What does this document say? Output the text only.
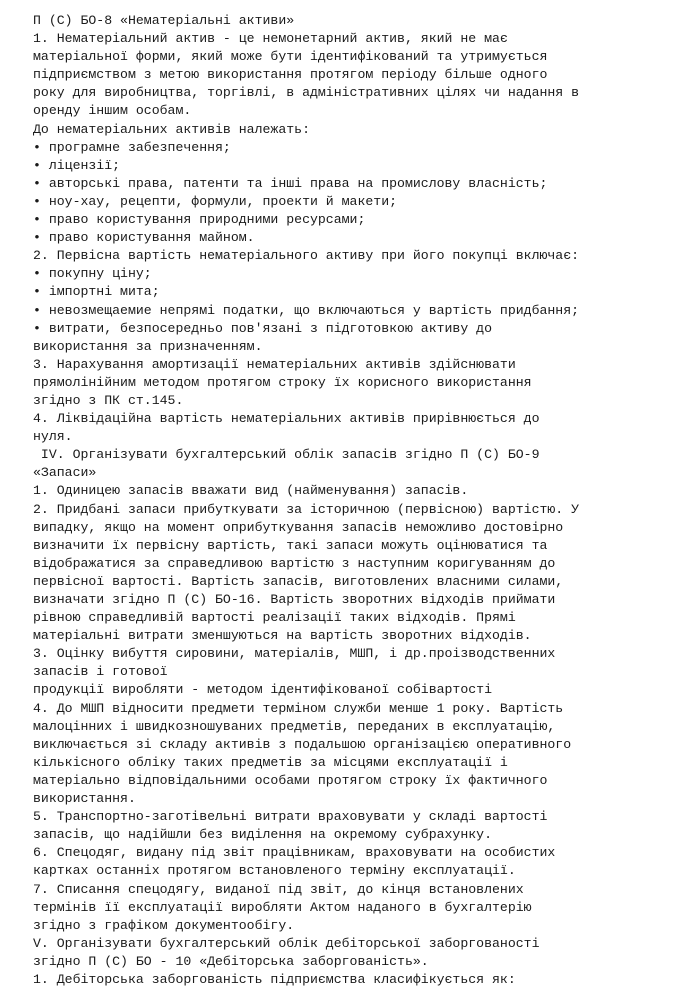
П (С) БО-8 «Нематеріальні активи»
1. Нематеріальний актив - це немонетарний актив, який не має
матеріальної форми, який може бути ідентифікований та утримується
підприємством з метою використання протягом періоду більше одного
року для виробництва, торгівлі, в адміністративних цілях чи надання в
оренду іншим особам.
До нематеріальних активів належать:
• програмне забезпечення;
• ліцензії;
• авторські права, патенти та інші права на промислову власність;
• ноу-хау, рецепти, формули, проекти й макети;
• право користування природними ресурсами;
• право користування майном.
2. Первісна вартість нематеріального активу при його покупці включає:
• покупну ціну;
• імпортні мита;
• невозмещаемие непрямі податки, що включаються у вартість придбання;
• витрати, безпосередньо пов'язані з підготовкою активу до
використання за призначенням.
3. Нарахування амортизації нематеріальних активів здійснювати
прямолінійним методом протягом строку їх корисного використання
згідно з ПК ст.145.
4. Ліквідаційна вартість нематеріальних активів прирівнюється до
нуля.
IV. Організувати бухгалтерський облік запасів згідно П (С) БО-9
«Запаси»
1. Одиницею запасів вважати вид (найменування) запасів.
2. Придбані запаси прибуткувати за історичною (первісною) вартістю. У
випадку, якщо на момент оприбуткування запасів неможливо достовірно
визначити їх первісну вартість, такі запаси можуть оцінюватися та
відображатися за справедливою вартістю з наступним коригуванням до
первісної вартості. Вартість запасів, виготовлених власними силами,
визначати згідно П (С) БО-16. Вартість зворотних відходів приймати
рівною справедливій вартості реалізації таких відходів. Прямі
матеріальні витрати зменшуються на вартість зворотних відходів.
3. Оцінку вибуття сировини, матеріалів, МШП, і др.проізводственних
запасів і готової
продукції виробляти - методом ідентифікованої собівартості
4. До МШП відносити предмети терміном служби менше 1 року. Вартість
малоцінних і швидкозношуваних предметів, переданих в експлуатацію,
виключається зі складу активів з подальшою організацією оперативного
кількісного обліку таких предметів за місцями експлуатації і
матеріально відповідальними особами протягом строку їх фактичного
використання.
5. Транспортно-заготівельні витрати враховувати у складі вартості
запасів, що надійшли без виділення на окремому субрахунку.
6. Спецодяг, видану під звіт працівникам, враховувати на особистих
картках останніх протягом встановленого терміну експлуатації.
7. Списання спецодягу, виданої під звіт, до кінця встановлених
термінів її експлуатації виробляти Актом наданого в бухгалтерію
згідно з графіком документообігу.
V. Організувати бухгалтерський облік дебіторської заборгованості
згідно П (С) БО - 10 «Дебіторська заборгованість».
1. Дебіторська заборгованість підприємства класифікується як:
